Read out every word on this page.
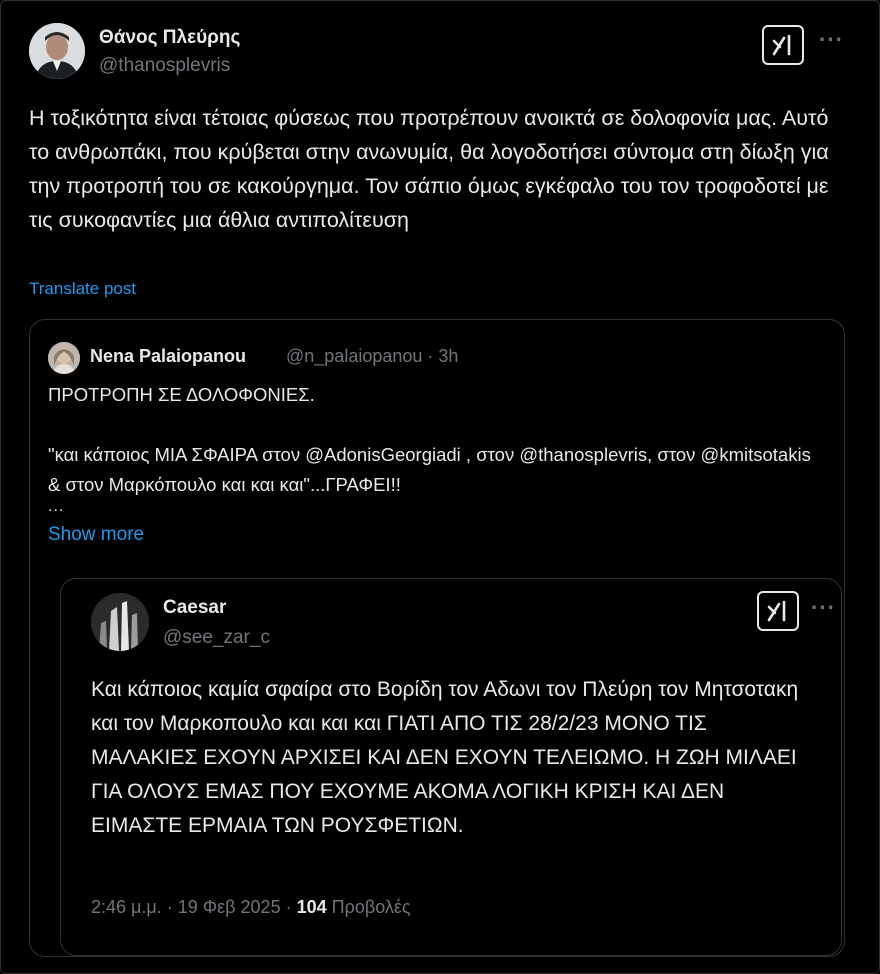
Θάνος Πλεύρης
@thanosplevris
···
Η τοξικότητα είναι τέτοιας φύσεως που προτρέπουν ανοικτά σε δολοφονία μας. Αυτό το ανθρωπάκι, που κρύβεται στην ανωνυμία, θα λογοδοτήσει σύντομα στη δίωξη για την προτροπή του σε κακούργημα. Τον σάπιο όμως εγκέφαλο του τον τροφοδοτεί με τις συκοφαντίες μια άθλια αντιπολίτευση
Translate post
Nena Palaiopanou @n_palaiopanou · 3h

ΠΡΟΤΡΟΠΗ ΣΕ ΔΟΛΟΦΟΝΙΕΣ.

"και κάποιος ΜΙΑ ΣΦΑΙΡΑ στον @AdonisGeorgiadi , στον @thanosplevris, στον @kmitsotakis & στον Μαρκόπουλο και και και"...ΓΡΑΦΕΙ!!

...
Show more
Caesar
@see_zar_c
···
Και κάποιος καμία σφαίρα στο Βορίδη τον Αδωνι τον Πλεύρη τον Μητσοτακη και τον Μαρκοπουλο και και και ΓΙΑΤΙ ΑΠΟ ΤΙΣ 28/2/23 ΜΟΝΟ ΤΙΣ ΜΑΛΑΚΙΕΣ ΕΧΟΥΝ ΑΡΧΙΣΕΙ ΚΑΙ ΔΕΝ ΕΧΟΥΝ ΤΕΛΕΙΩΜΟ. Η ΖΩΗ ΜΙΛΑΕΙ ΓΙΑ ΟΛΟΥΣ ΕΜΑΣ ΠΟΥ ΕΧΟΥΜΕ ΑΚΟΜΑ ΛΟΓΙΚΗ ΚΡΙΣΗ ΚΑΙ ΔΕΝ ΕΙΜΑΣΤΕ ΕΡΜΑΙΑ ΤΩΝ ΡΟΥΣΦΕΤΙΩΝ.
2:46 μ.μ. · 19 Φεβ 2025 · 104 Προβολές
